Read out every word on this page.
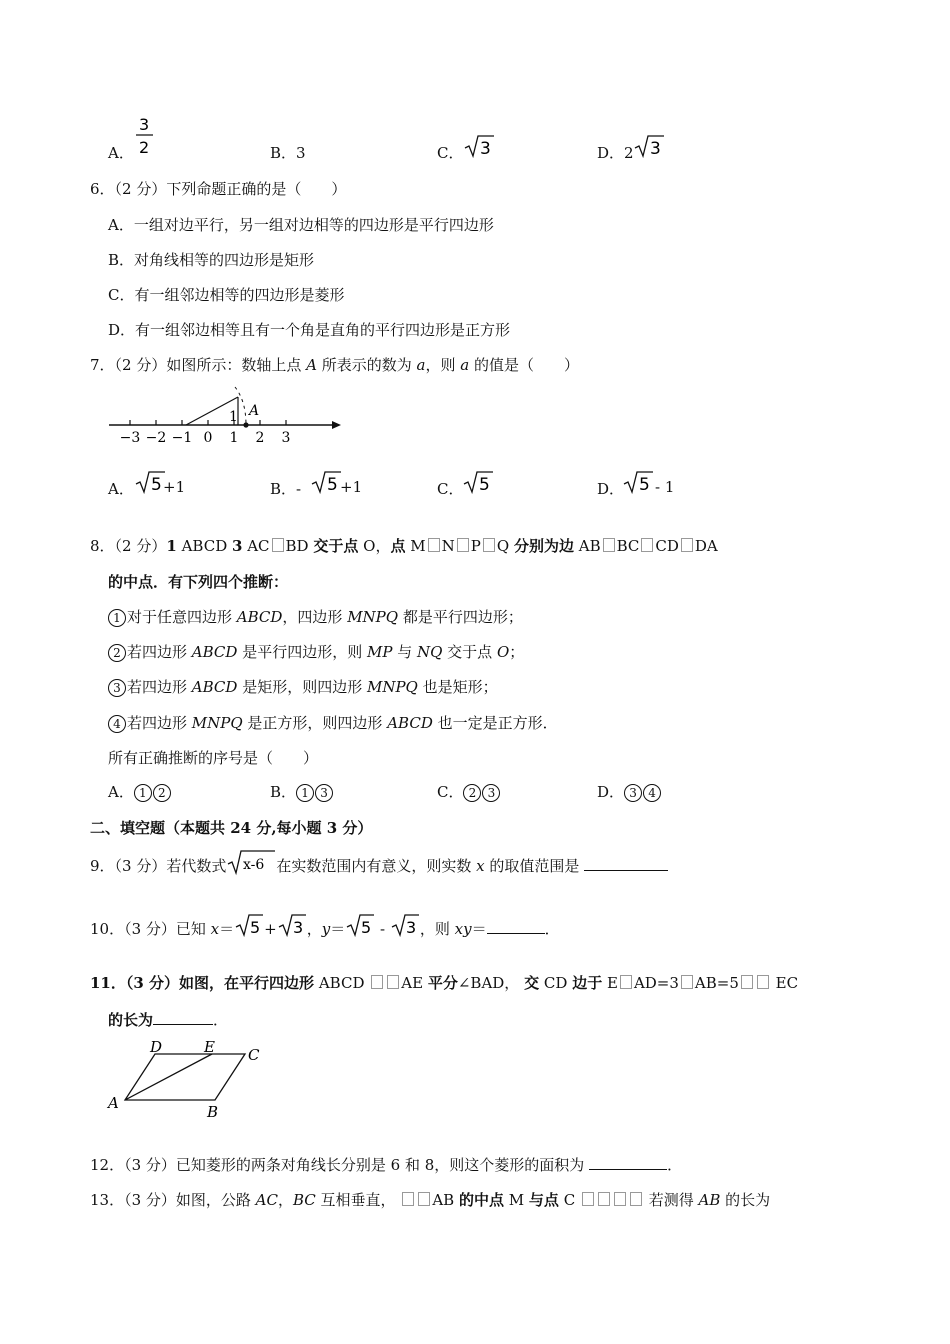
A．
3
2	B．3	C． 3	D．2 3
6．（2 分）下列命题正确的是（　　）
A．一组对边平行，另一组对边相等的四边形是平行四边形
B．对角线相等的四边形是矩形
C．有一组邻边相等的四边形是菱形
D．有一组邻边相等且有一个角是直角的平行四边形是正方形
7．（2 分）如图所示：数轴上点 A 所表示的数为 a，则 a 的值是（　　）
−3 −2 −1 0 1 2 3
1 A
A． 5 +1	B．- 5 +1	C． 5	D． 5 - 1
8．（2 分）1 ABCD 3 AC BD 交于点 O，点 M N P Q 分别为边 AB BC CD DA
的中点．有下列四个推断：
1 对于任意四边形 ABCD，四边形 MNPQ 都是平行四边形；
2 若四边形 ABCD 是平行四边形，则 MP 与 NQ 交于点 O；
3 若四边形 ABCD 是矩形，则四边形 MNPQ 也是矩形；
4 若四边形 MNPQ 是正方形，则四边形 ABCD 也一定是正方形．
所有正确推断的序号是（　　）
A． 1 2	B． 1 3	C． 2 3	D． 3 4
二、填空题（本题共 24 分,每小题 3 分）
9．（3 分）若代数式 x-6 在实数范围内有意义，则实数 x 的取值范围是
10．（3 分）已知 x＝ 5 + 3 ，y＝ 5 - 3 ，则 xy＝	．
11．（3 分）如图，在平行四边形 ABCD AE 平分∠BAD， 交 CD 边于 E AD=3 AB=5 EC
的长为	．
D	E C
A	B
12．（3 分）已知菱形的两条对角线长分别是 6 和 8，则这个菱形的面积为	．
13．（3 分）如图，公路 AC，BC 互相垂直， AB 的中点 M 与点 C	若测得 AB 的长为
